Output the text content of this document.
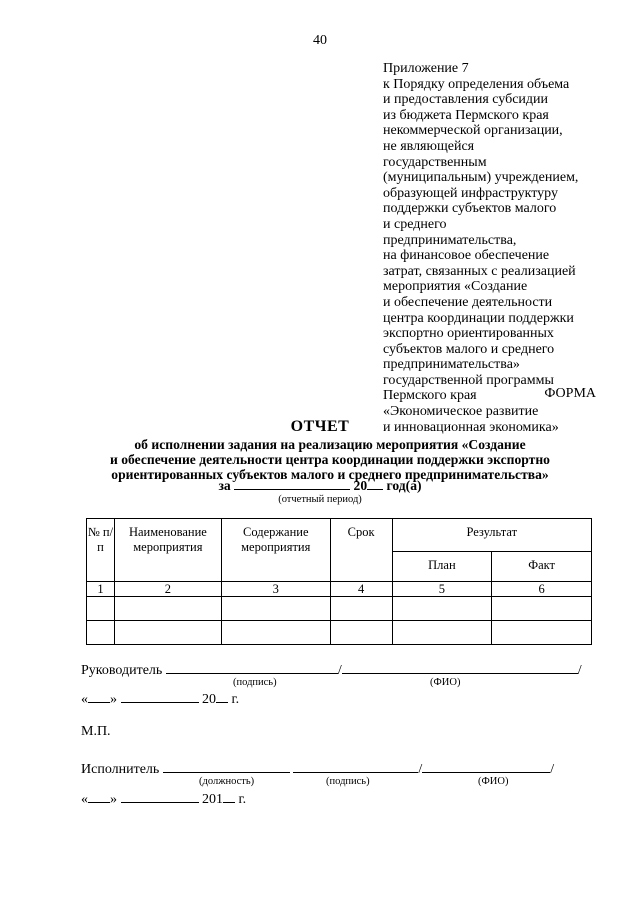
40
Приложение 7
к Порядку определения объема
и предоставления субсидии
из бюджета Пермского края
некоммерческой организации,
не являющейся
государственным
(муниципальным) учреждением,
образующей инфраструктуру
поддержки субъектов малого
и среднего
предпринимательства,
на финансовое обеспечение
затрат, связанных с реализацией
мероприятия «Создание
и обеспечение деятельности
центра координации поддержки
экспортно ориентированных
субъектов малого и среднего
предпринимательства»
государственной программы
Пермского края
«Экономическое развитие
и инновационная экономика»
ФОРМА
ОТЧЕТ
об исполнении задания на реализацию мероприятия «Создание
и обеспечение деятельности центра координации поддержки экспортно
ориентированных субъектов малого и среднего предпринимательства»
за	20 год(а)
(отчетный период)
№ п/п	Наименование мероприятия	Содержание мероприятия	Срок	Результат	
				План	Факт
1	2	3	4	5	6

Руководитель	/	/
(подпись)	(ФИО)
« »	20 г.
М.П.
Исполнитель	/	/
(должность)	(подпись)	(ФИО)
« »	201 г.
